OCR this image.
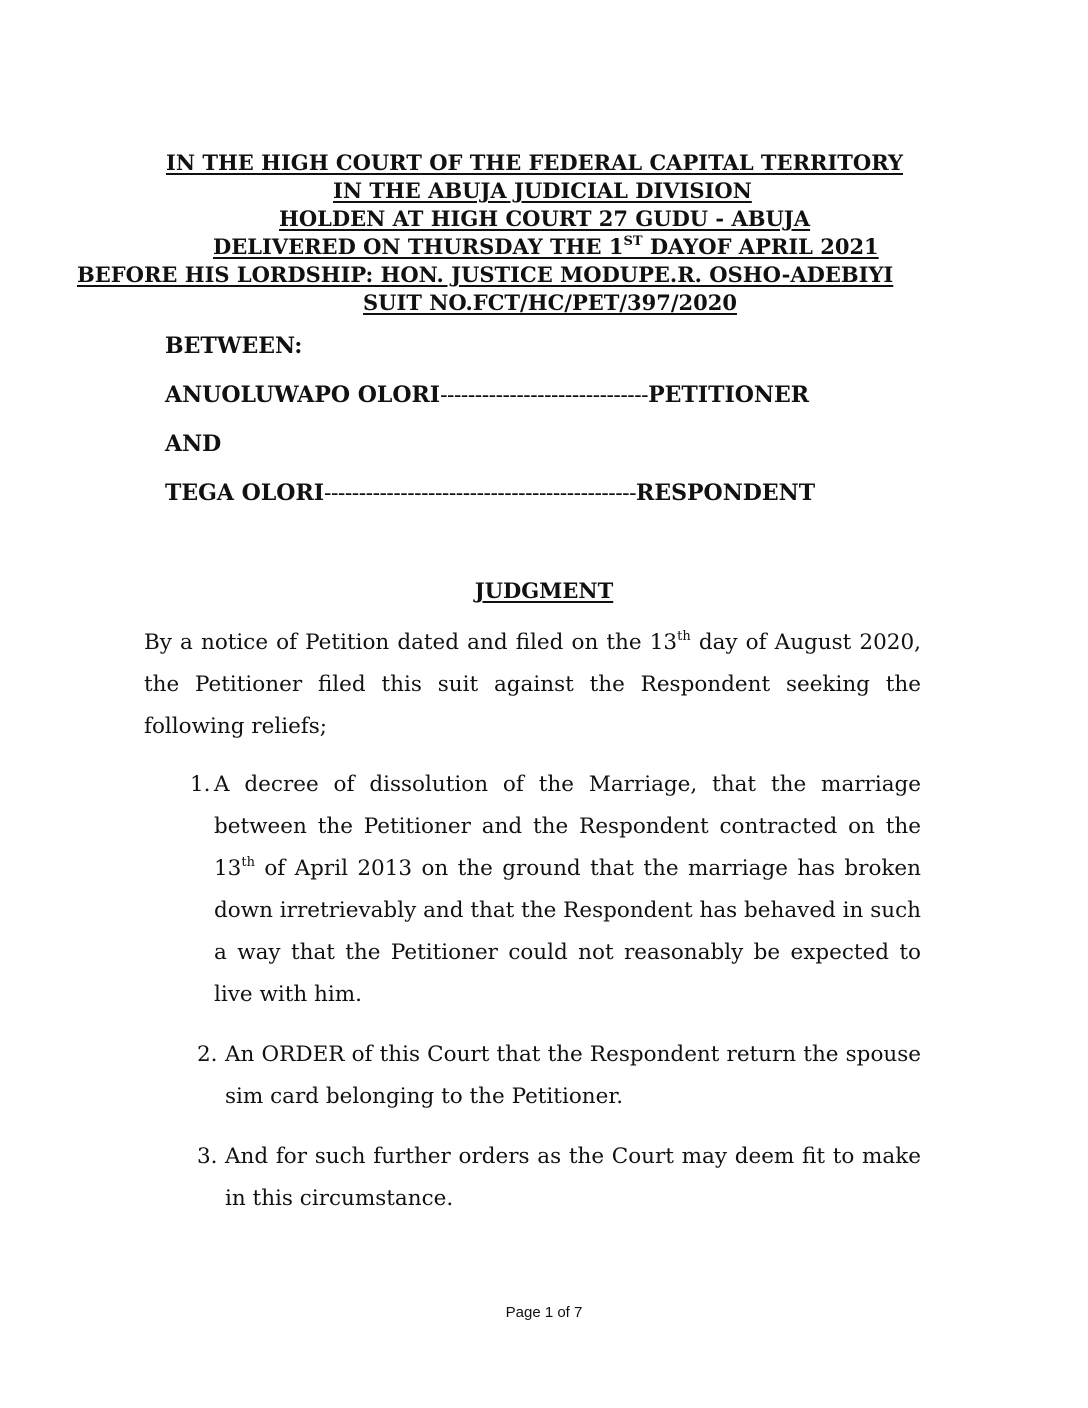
IN THE HIGH COURT OF THE FEDERAL CAPITAL TERRITORY
IN THE ABUJA JUDICIAL DIVISION
HOLDEN AT HIGH COURT 27 GUDU - ABUJA
DELIVERED ON THURSDAY THE 1ST DAYOF APRIL 2021
BEFORE HIS LORDSHIP: HON. JUSTICE MODUPE.R. OSHO-ADEBIYI
SUIT NO.FCT/HC/PET/397/2020
BETWEEN:
ANUOLUWAPO OLORI------------------------------PETITIONER
AND
TEGA OLORI---------------------------------------------RESPONDENT
JUDGMENT
By a notice of Petition dated and filed on the 13th day of August 2020, the Petitioner filed this suit against the Respondent seeking the following reliefs;
1. A decree of dissolution of the Marriage, that the marriage between the Petitioner and the Respondent contracted on the 13th of April 2013 on the ground that the marriage has broken down irretrievably and that the Respondent has behaved in such a way that the Petitioner could not reasonably be expected to live with him.
2. An ORDER of this Court that the Respondent return the spouse sim card belonging to the Petitioner.
3. And for such further orders as the Court may deem fit to make in this circumstance.
Page 1 of 7
